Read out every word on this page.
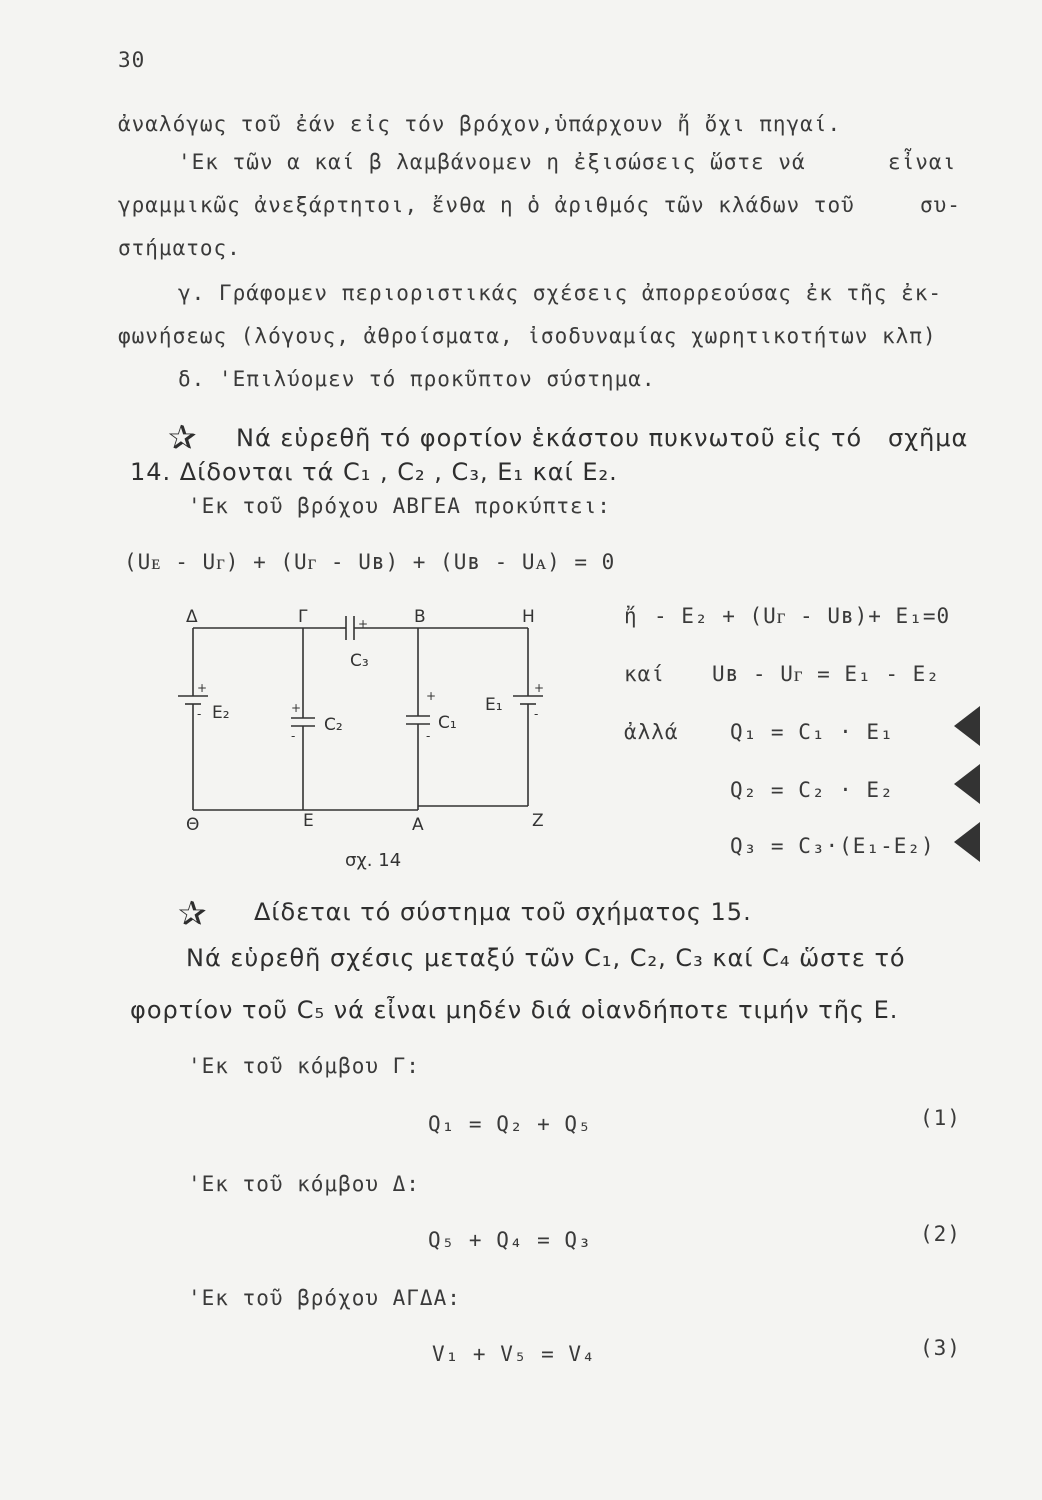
30
ἀναλόγως τοῦ ἐάν εἰς τόν βρόχον,ὑπάρχουν ἤ ὄχι πηγαί.
'Εκ τῶν α καί β λαμβάνομεν η ἐξισώσεις ὥστε νά	εἶναι
γραμμικῶς ἀνεξάρτητοι, ἔνθα η ὁ ἀριθμός τῶν κλάδων τοῦ	συ-
στήματος.
γ. Γράφομεν περιοριστικάς σχέσεις ἀπορρεούσας ἐκ τῆς ἐκ-
φωνήσεως (λόγους, ἀθροίσματα, ἰσοδυναμίας χωρητικοτήτων κλπ)
δ. 'Επιλύομεν τό προκῦπτον σύστημα.
✰ Νά εὑρεθῆ τό φορτίον ἑκάστου πυκνωτοῦ εἰς τό σχῆμα
14. Δίδονται τά C₁ , C₂ , C₃, E₁ καί E₂.
'Εκ τοῦ βρόχου ΑΒΓΕΑ προκύπτει:
(Uᴇ - Uᴦ) + (Uᴦ - Uʙ) + (Uʙ - Uᴀ) = 0
Δ	Γ	Β	Η
Θ	Ε	Α	Ζ
C₃
E₂
C₂	C₁
E₁
+
+
-	+
-
+
-
+
-
σχ. 14
ἤ - E₂ + (Uᴦ - Uʙ)+ E₁=0
καί Uʙ - Uᴦ = E₁ - E₂
ἀλλά Q₁ = C₁ · E₁
Q₂ = C₂ · E₂
Q₃ = C₃·(E₁-E₂)
✰ Δίδεται τό σύστημα τοῦ σχήματος 15.
Νά εὑρεθῆ σχέσις μεταξύ τῶν C₁, C₂, C₃ καί C₄ ὥστε τό
φορτίον τοῦ C₅ νά εἶναι μηδέν διά οἱανδήποτε τιμήν τῆς Ε.
'Εκ τοῦ κόμβου Γ:
Q₁ = Q₂ + Q₅	(1)
'Εκ τοῦ κόμβου Δ:
Q₅ + Q₄ = Q₃	(2)
'Εκ τοῦ βρόχου ΑΓΔΑ:
V₁ + V₅ = V₄	(3)
